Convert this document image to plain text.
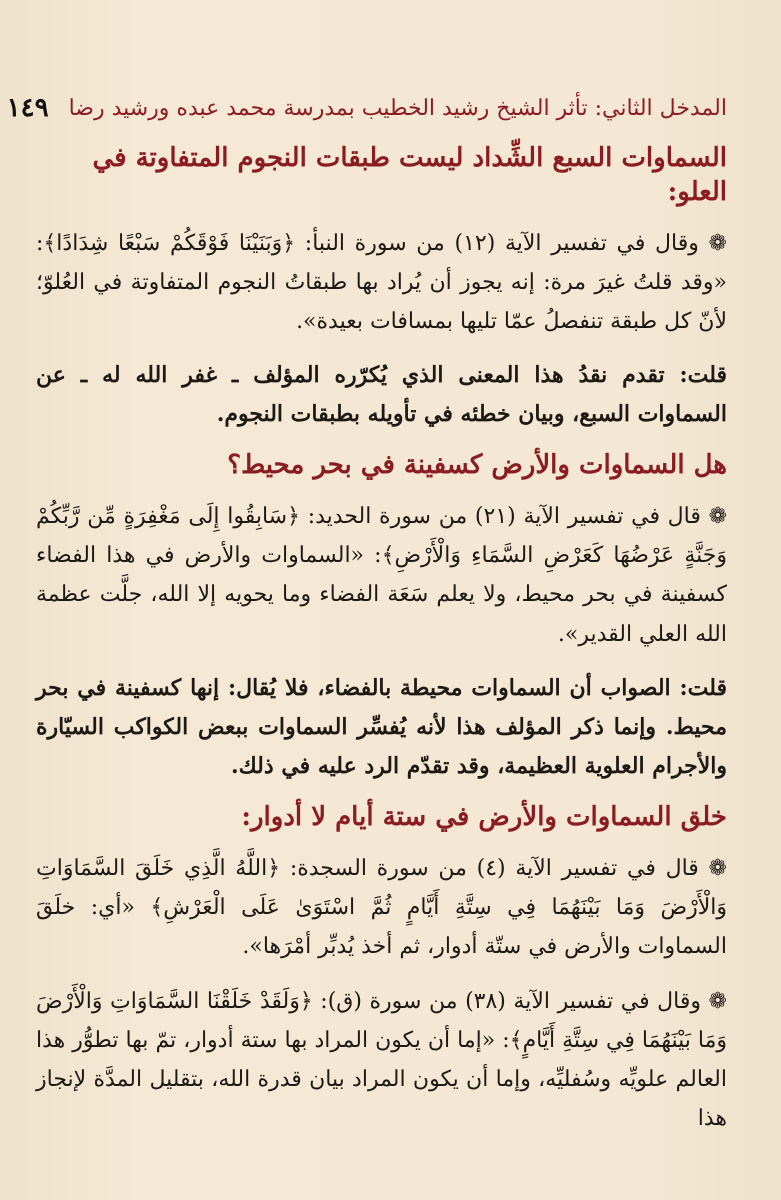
المدخل الثاني: تأثر الشيخ رشيد الخطيب بمدرسة محمد عبده ورشيد رضا
١٤٩
السماوات السبع الشِّداد ليست طبقات النجوم المتفاوتة في العلو:

❁ وقال في تفسير الآية (١٢) من سورة النبأ: ﴿وَبَنَيْنَا فَوْقَكُمْ سَبْعًا شِدَادًا﴾: «وقد قلتُ غيرَ مرة: إنه يجوز أن يُراد بها طبقاتُ النجوم المتفاوتة في العُلوّ؛ لأنّ كل طبقة تنفصلُ عمّا تليها بمسافات بعيدة».

قلت: تقدم نقدُ هذا المعنى الذي يُكرّره المؤلف ـ غفر الله له ـ عن السماوات السبع، وبيان خطئه في تأويله بطبقات النجوم.

هل السماوات والأرض كسفينة في بحر محيط؟

❁ قال في تفسير الآية (٢١) من سورة الحديد: ﴿سَابِقُوا إِلَى مَغْفِرَةٍ مِّن رَّبِّكُمْ وَجَنَّةٍ عَرْضُهَا كَعَرْضِ السَّمَاءِ وَالْأَرْضِ﴾: «السماوات والأرض في هذا الفضاء كسفينة في بحر محيط، ولا يعلم سَعَة الفضاء وما يحويه إلا الله، جلَّت عظمة الله العلي القدير».

قلت: الصواب أن السماوات محيطة بالفضاء، فلا يُقال: إنها كسفينة في بحر محيط. وإنما ذكر المؤلف هذا لأنه يُفسِّر السماوات ببعض الكواكب السيّارة والأجرام العلوية العظيمة، وقد تقدّم الرد عليه في ذلك.

خلق السماوات والأرض في ستة أيام لا أدوار:

❁ قال في تفسير الآية (٤) من سورة السجدة: ﴿اللَّهُ الَّذِي خَلَقَ السَّمَاوَاتِ وَالْأَرْضَ وَمَا بَيْنَهُمَا فِي سِتَّةِ أَيَّامٍ ثُمَّ اسْتَوَىٰ عَلَى الْعَرْشِ﴾ «أي: خلَقَ السماوات والأرض في ستّة أدوار، ثم أخذ يُدبِّر أمْرَها».

❁ وقال في تفسير الآية (٣٨) من سورة (ق): ﴿وَلَقَدْ خَلَقْنَا السَّمَاوَاتِ وَالْأَرْضَ وَمَا بَيْنَهُمَا فِي سِتَّةِ أَيَّامٍ﴾: «إما أن يكون المراد بها ستة أدوار، تمّ بها تطوُّر هذا العالم علويِّه وسُفليِّه، وإما أن يكون المراد بيان قدرة الله، بتقليل المدَّة لإنجاز هذا
